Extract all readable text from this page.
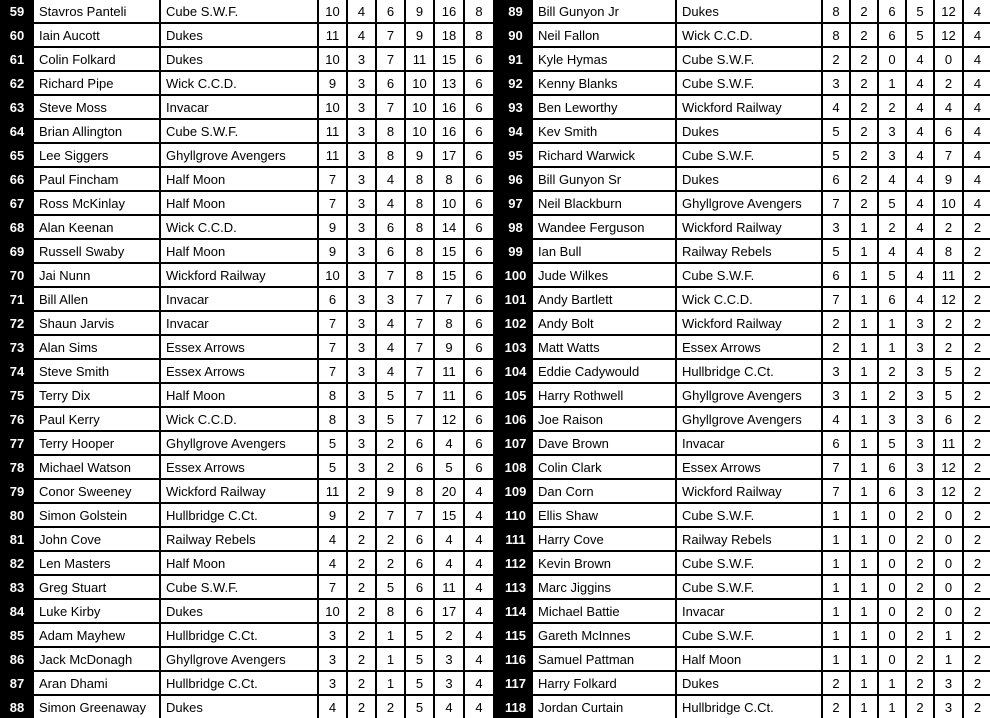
59	Stavros Panteli	Cube S.W.F.	10	4	6	9	16	8
60	Iain Aucott	Dukes	11	4	7	9	18	8
61	Colin Folkard	Dukes	10	3	7	11	15	6
62	Richard Pipe	Wick C.C.D.	9	3	6	10	13	6
63	Steve Moss	Invacar	10	3	7	10	16	6
64	Brian Allington	Cube S.W.F.	11	3	8	10	16	6
65	Lee Siggers	Ghyllgrove Avengers	11	3	8	9	17	6
66	Paul Fincham	Half Moon	7	3	4	8	8	6
67	Ross McKinlay	Half Moon	7	3	4	8	10	6
68	Alan Keenan	Wick C.C.D.	9	3	6	8	14	6
69	Russell Swaby	Half Moon	9	3	6	8	15	6
70	Jai Nunn	Wickford Railway	10	3	7	8	15	6
71	Bill Allen	Invacar	6	3	3	7	7	6
72	Shaun Jarvis	Invacar	7	3	4	7	8	6
73	Alan Sims	Essex Arrows	7	3	4	7	9	6
74	Steve Smith	Essex Arrows	7	3	4	7	11	6
75	Terry Dix	Half Moon	8	3	5	7	11	6
76	Paul Kerry	Wick C.C.D.	8	3	5	7	12	6
77	Terry Hooper	Ghyllgrove Avengers	5	3	2	6	4	6
78	Michael Watson	Essex Arrows	5	3	2	6	5	6
79	Conor Sweeney	Wickford Railway	11	2	9	8	20	4
80	Simon Golstein	Hullbridge C.Ct.	9	2	7	7	15	4
81	John Cove	Railway Rebels	4	2	2	6	4	4
82	Len Masters	Half Moon	4	2	2	6	4	4
83	Greg Stuart	Cube S.W.F.	7	2	5	6	11	4
84	Luke Kirby	Dukes	10	2	8	6	17	4
85	Adam Mayhew	Hullbridge C.Ct.	3	2	1	5	2	4
86	Jack McDonagh	Ghyllgrove Avengers	3	2	1	5	3	4
87	Aran Dhami	Hullbridge C.Ct.	3	2	1	5	3	4
88	Simon Greenaway	Dukes	4	2	2	5	4	4
89	Bill Gunyon Jr	Dukes	8	2	6	5	12	4
90	Neil Fallon	Wick C.C.D.	8	2	6	5	12	4
91	Kyle Hymas	Cube S.W.F.	2	2	0	4	0	4
92	Kenny Blanks	Cube S.W.F.	3	2	1	4	2	4
93	Ben Leworthy	Wickford Railway	4	2	2	4	4	4
94	Kev Smith	Dukes	5	2	3	4	6	4
95	Richard Warwick	Cube S.W.F.	5	2	3	4	7	4
96	Bill Gunyon Sr	Dukes	6	2	4	4	9	4
97	Neil Blackburn	Ghyllgrove Avengers	7	2	5	4	10	4
98	Wandee Ferguson	Wickford Railway	3	1	2	4	2	2
99	Ian Bull	Railway Rebels	5	1	4	4	8	2
100	Jude Wilkes	Cube S.W.F.	6	1	5	4	11	2
101	Andy Bartlett	Wick C.C.D.	7	1	6	4	12	2
102	Andy Bolt	Wickford Railway	2	1	1	3	2	2
103	Matt Watts	Essex Arrows	2	1	1	3	2	2
104	Eddie Cadywould	Hullbridge C.Ct.	3	1	2	3	5	2
105	Harry Rothwell	Ghyllgrove Avengers	3	1	2	3	5	2
106	Joe Raison	Ghyllgrove Avengers	4	1	3	3	6	2
107	Dave Brown	Invacar	6	1	5	3	11	2
108	Colin Clark	Essex Arrows	7	1	6	3	12	2
109	Dan Corn	Wickford Railway	7	1	6	3	12	2
110	Ellis Shaw	Cube S.W.F.	1	1	0	2	0	2
111	Harry Cove	Railway Rebels	1	1	0	2	0	2
112	Kevin Brown	Cube S.W.F.	1	1	0	2	0	2
113	Marc Jiggins	Cube S.W.F.	1	1	0	2	0	2
114	Michael Battie	Invacar	1	1	0	2	0	2
115	Gareth McInnes	Cube S.W.F.	1	1	0	2	1	2
116	Samuel Pattman	Half Moon	1	1	0	2	1	2
117	Harry Folkard	Dukes	2	1	1	2	3	2
118	Jordan Curtain	Hullbridge C.Ct.	2	1	1	2	3	2
